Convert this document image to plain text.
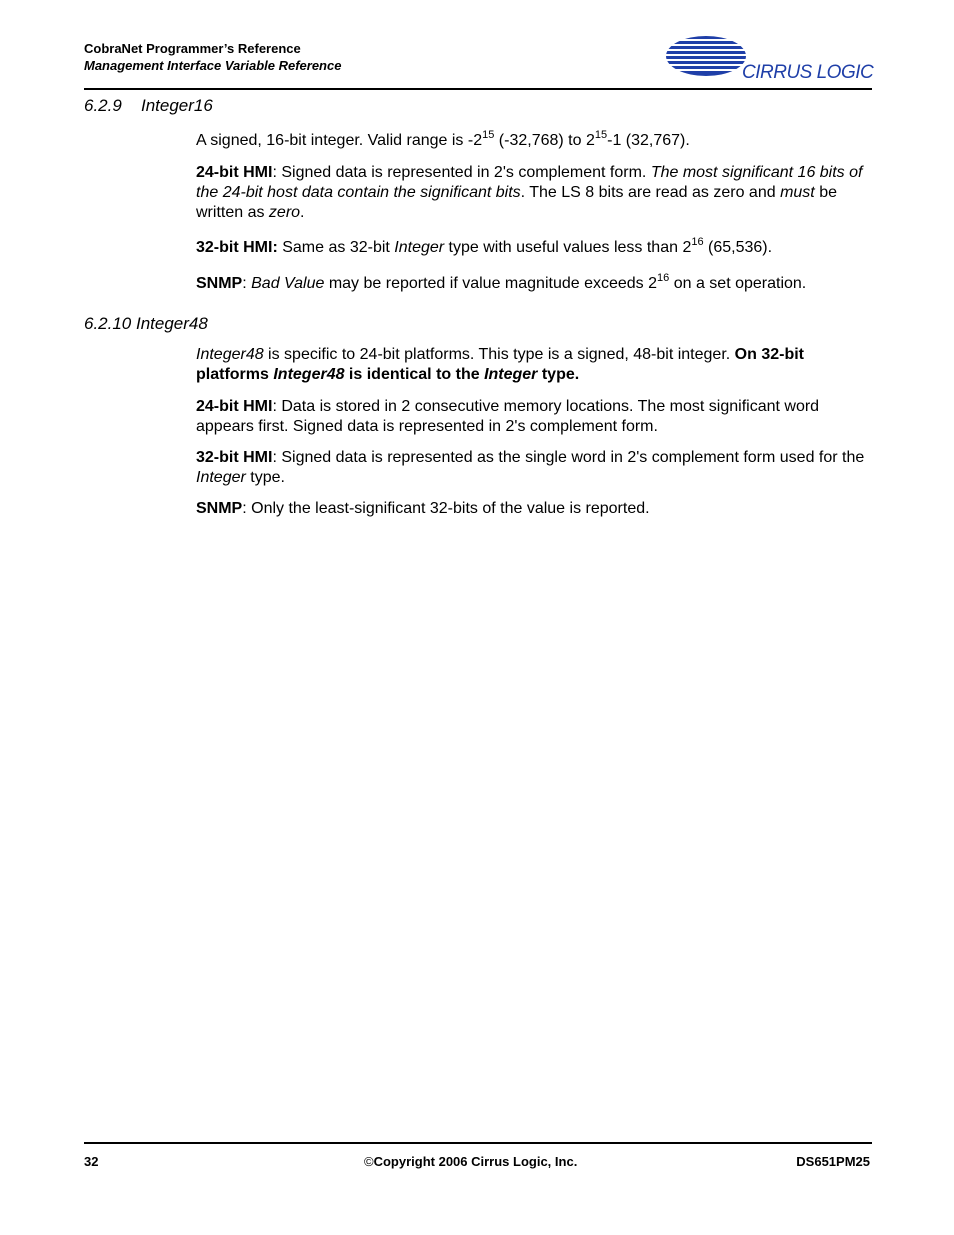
CobraNet Programmer’s Reference
Management Interface Variable Reference	CIRRUS LOGIC
6.2.9 Integer16
A signed, 16-bit integer. Valid range is $-2^{15}$ (-32,768) to $2^{15}-1$ (32,767).
24-bit HMI: Signed data is represented in 2's complement form. The most significant 16 bits of the 24-bit host data contain the significant bits. The LS 8 bits are read as zero and must be written as zero.
32-bit HMI: Same as 32-bit Integer type with useful values less than $2^{16}$ (65,536).
SNMP: Bad Value may be reported if value magnitude exceeds $2^{16}$ on a set operation.
6.2.10 Integer48
Integer48 is specific to 24-bit platforms. This type is a signed, 48-bit integer. On 32-bit platforms Integer48 is identical to the Integer type.
24-bit HMI: Data is stored in 2 consecutive memory locations. The most significant word appears first. Signed data is represented in 2's complement form.
32-bit HMI: Signed data is represented as the single word in 2's complement form used for the Integer type.
SNMP: Only the least-significant 32-bits of the value is reported.
32	©Copyright 2006 Cirrus Logic, Inc.	DS651PM25
